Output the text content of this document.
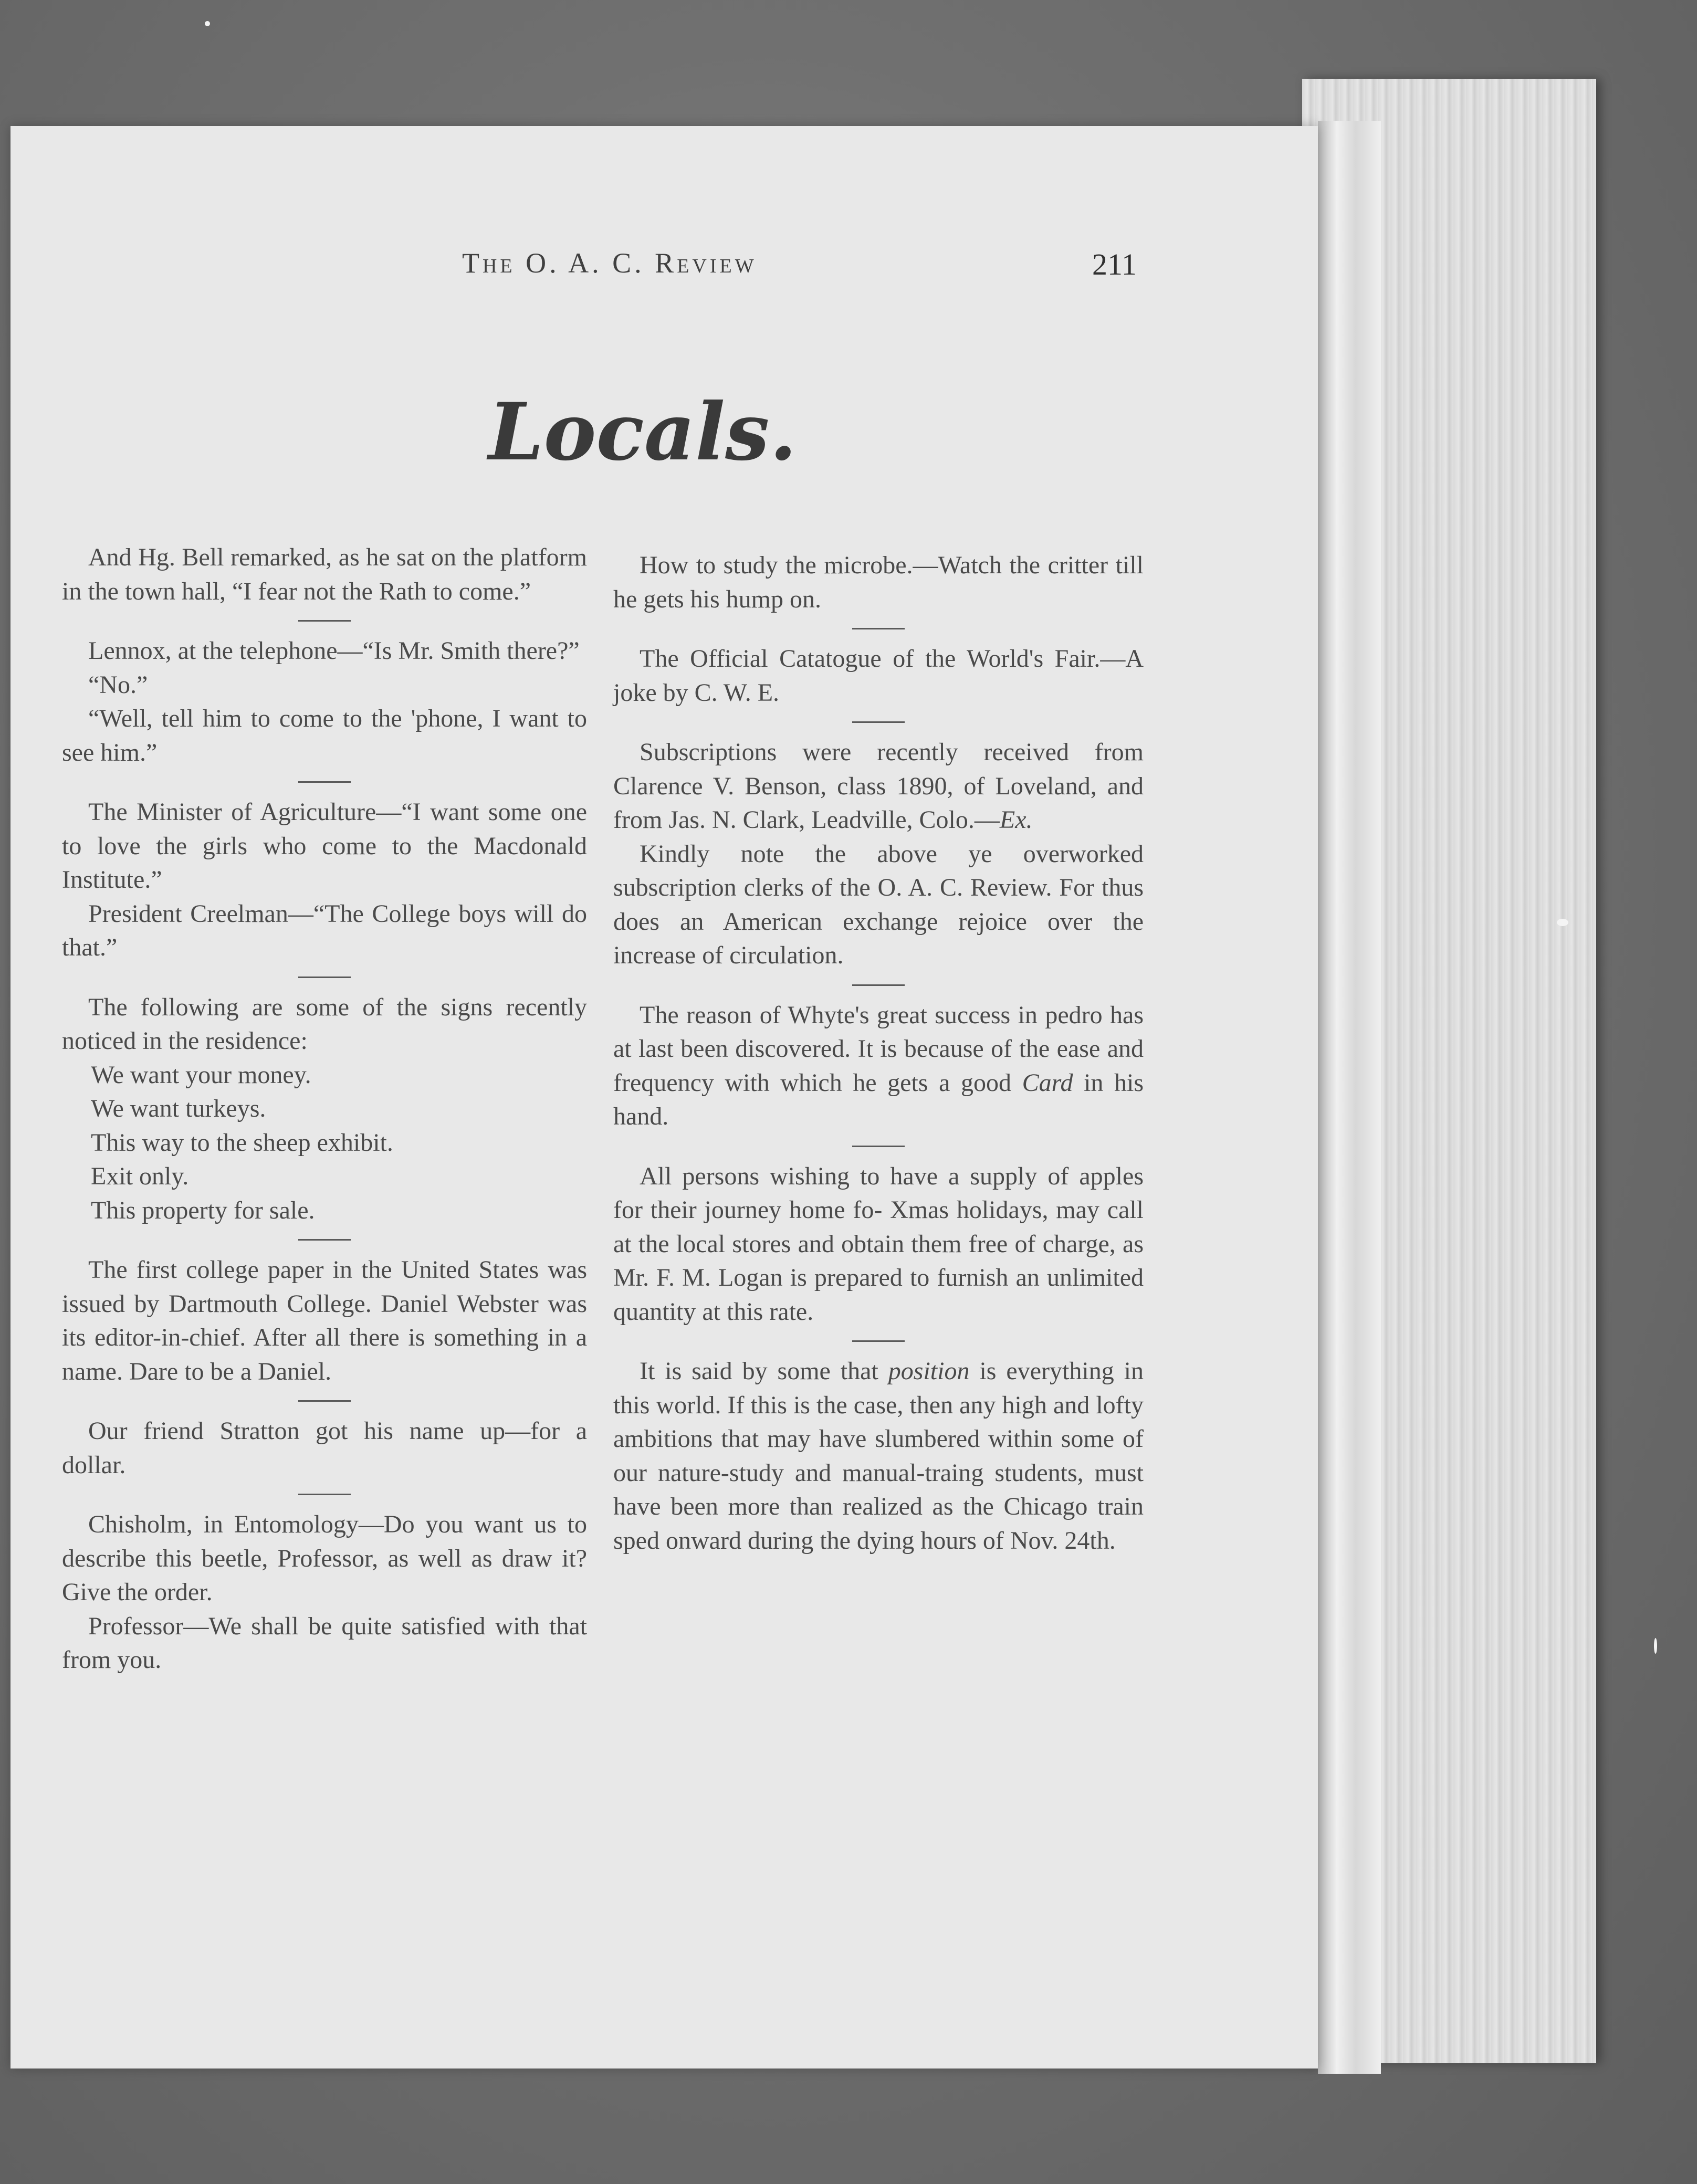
The O. A. C. Review	211
Locals.

And Hg. Bell remarked, as he sat on the platform in the town hall, “I fear not the Rath to come.”

Lennox, at the telephone—“Is Mr. Smith there?”

“No.”

“Well, tell him to come to the 'phone, I want to see him.”

The Minister of Agriculture—“I want some one to love the girls who come to the Macdonald Institute.”

President Creelman—“The College boys will do that.”

The following are some of the signs recently noticed in the residence:

We want your money.
We want turkeys.
This way to the sheep exhibit.
Exit only.
This property for sale.

The first college paper in the United States was issued by Dartmouth College. Daniel Webster was its editor-in-chief. After all there is something in a name. Dare to be a Daniel.

Our friend Stratton got his name up—for a dollar.

Chisholm, in Entomology—Do you want us to describe this beetle, Professor, as well as draw it? Give the order.

Professor—We shall be quite satisfied with that from you.

How to study the microbe.—Watch the critter till he gets his hump on.

The Official Catatogue of the World's Fair.—A joke by C. W. E.

Subscriptions were recently received from Clarence V. Benson, class 1890, of Loveland, and from Jas. N. Clark, Leadville, Colo.—Ex.

Kindly note the above ye overworked subscription clerks of the O. A. C. Review. For thus does an American exchange rejoice over the increase of circulation.

The reason of Whyte's great success in pedro has at last been discovered. It is because of the ease and frequency with which he gets a good Card in his hand.

All persons wishing to have a supply of apples for their journey home fo- Xmas holidays, may call at the local stores and obtain them free of charge, as Mr. F. M. Logan is prepared to furnish an unlimited quantity at this rate.

It is said by some that position is everything in this world. If this is the case, then any high and lofty ambitions that may have slumbered within some of our nature-study and manual-traing students, must have been more than realized as the Chicago train sped onward during the dying hours of Nov. 24th.
